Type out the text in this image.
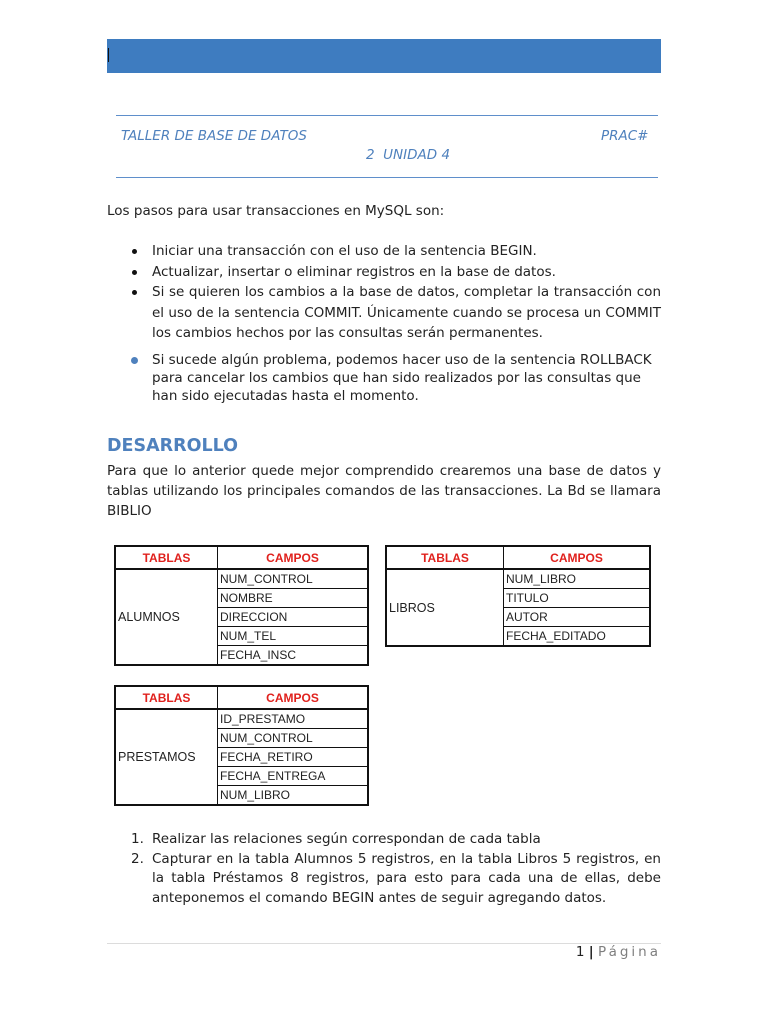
TALLER DE BASE DE DATOS	PRAC#
2  UNIDAD 4
Los pasos para usar transacciones en MySQL son:
Iniciar una transacción con el uso de la sentencia BEGIN.
Actualizar, insertar o eliminar registros en la base de datos.
Si se quieren los cambios a la base de datos, completar la transacción con el uso de la sentencia COMMIT. Únicamente cuando se procesa un COMMIT los cambios hechos por las consultas serán permanentes.
Si sucede algún problema, podemos hacer uso de la sentencia ROLLBACK para cancelar los cambios que han sido realizados por las consultas que han sido ejecutadas hasta el momento.
DESARROLLO
Para que lo anterior quede mejor comprendido crearemos una base de datos y tablas utilizando los principales comandos de las transacciones. La Bd se llamara BIBLIO
TABLAS	CAMPOS
ALUMNOS	NUM_CONTROL
	NOMBRE
	DIRECCION
	NUM_TEL
	FECHA_INSC
TABLAS	CAMPOS
LIBROS	NUM_LIBRO
	TITULO
	AUTOR
	FECHA_EDITADO
TABLAS	CAMPOS
PRESTAMOS	ID_PRESTAMO
	NUM_CONTROL
	FECHA_RETIRO
	FECHA_ENTREGA
	NUM_LIBRO
1. Realizar las relaciones según correspondan de cada tabla
2. Capturar en la tabla Alumnos 5 registros, en la tabla Libros 5 registros, en la tabla Préstamos 8 registros, para esto para cada una de ellas, debe anteponemos el comando BEGIN antes de seguir agregando datos.
1 | Página
